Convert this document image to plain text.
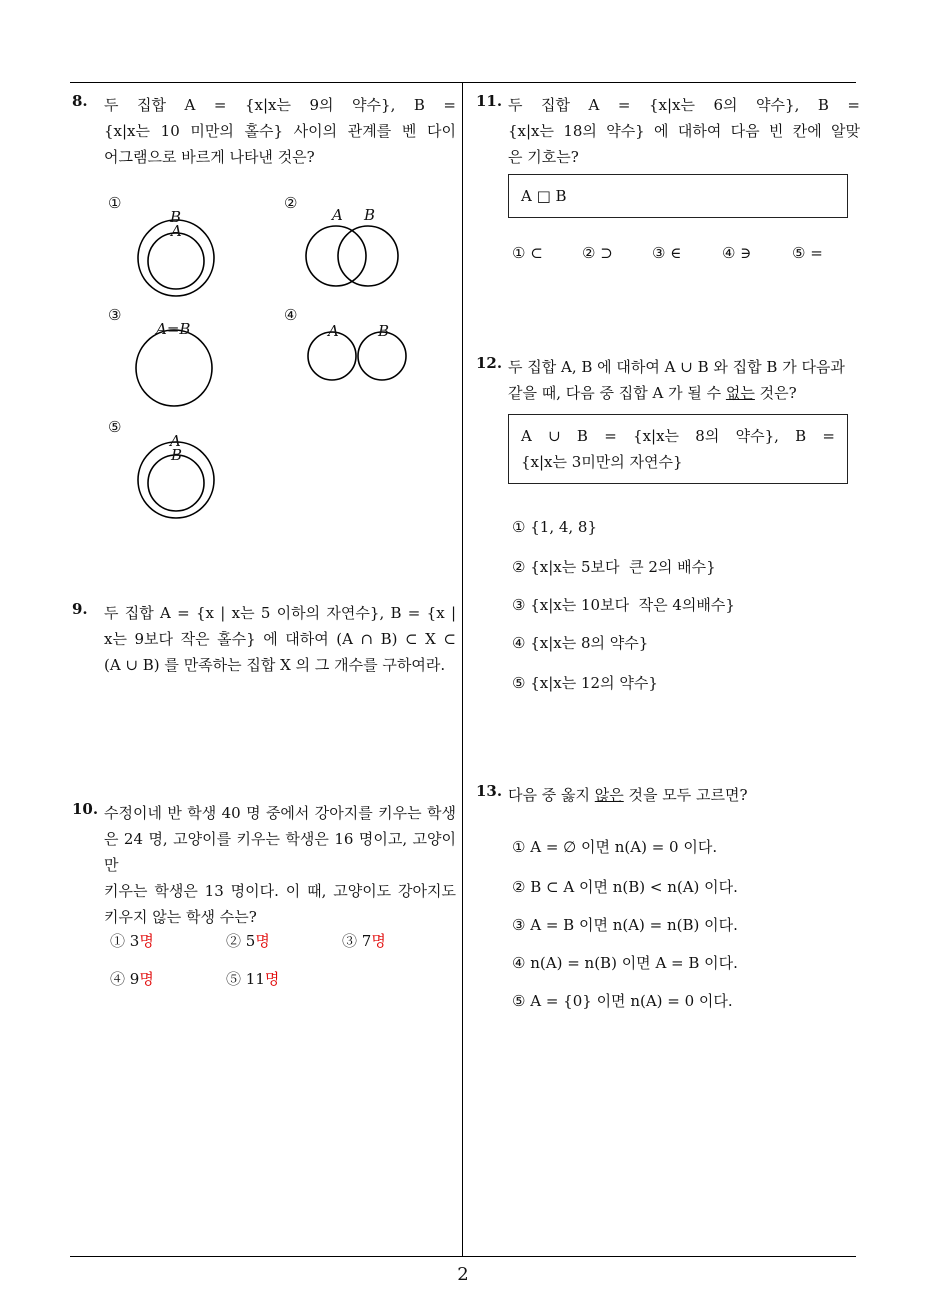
8. 두 집합 A = {x|x는 9의 약수}, B =
{x|x는 10 미만의 홀수} 사이의 관계를 벤 다이
어그램으로 바르게 나타낸 것은?
①
B
A
②
A B
③
A=B
④
A	B
⑤
A
B
9. 두 집합 A = {x | x는 5 이하의 자연수}, B = {x |
x는 9보다 작은 홀수} 에 대하여 (A ∩ B) ⊂ X ⊂
(A ∪ B) 를 만족하는 집합 X 의 그 개수를 구하여라.
10. 수정이네 반 학생 40 명 중에서 강아지를 키우는 학생
은 24 명, 고양이를 키우는 학생은 16 명이고, 고양이만
키우는 학생은 13 명이다. 이 때, 고양이도 강아지도
키우지 않는 학생 수는?
① 3명	② 5명	③ 7명
④ 9명	⑤ 11명
11. 두 집합 A = {x|x는 6의 약수}, B =
{x|x는 18의 약수} 에 대하여 다음 빈 칸에 알맞
은 기호는?
A □ B
① ⊂	② ⊃	③ ∈	④ ∋	⑤ =
12. 두 집합 A, B 에 대하여 A ∪ B 와 집합 B 가 다음과
같을 때, 다음 중 집합 A 가 될 수 없는 것은?
A ∪ B = {x|x는 8의 약수}, B =
{x|x는 3미만의 자연수}
① {1, 4, 8}
② {x|x는 5보다  큰 2의 배수}
③ {x|x는 10보다  작은 4의배수}
④ {x|x는 8의 약수}
⑤ {x|x는 12의 약수}
13. 다음 중 옳지 않은 것을 모두 고르면?
① A = ∅ 이면 n(A) = 0 이다.
② B ⊂ A 이면 n(B) < n(A) 이다.
③ A = B 이면 n(A) = n(B) 이다.
④ n(A) = n(B) 이면 A = B 이다.
⑤ A = {0} 이면 n(A) = 0 이다.
2
